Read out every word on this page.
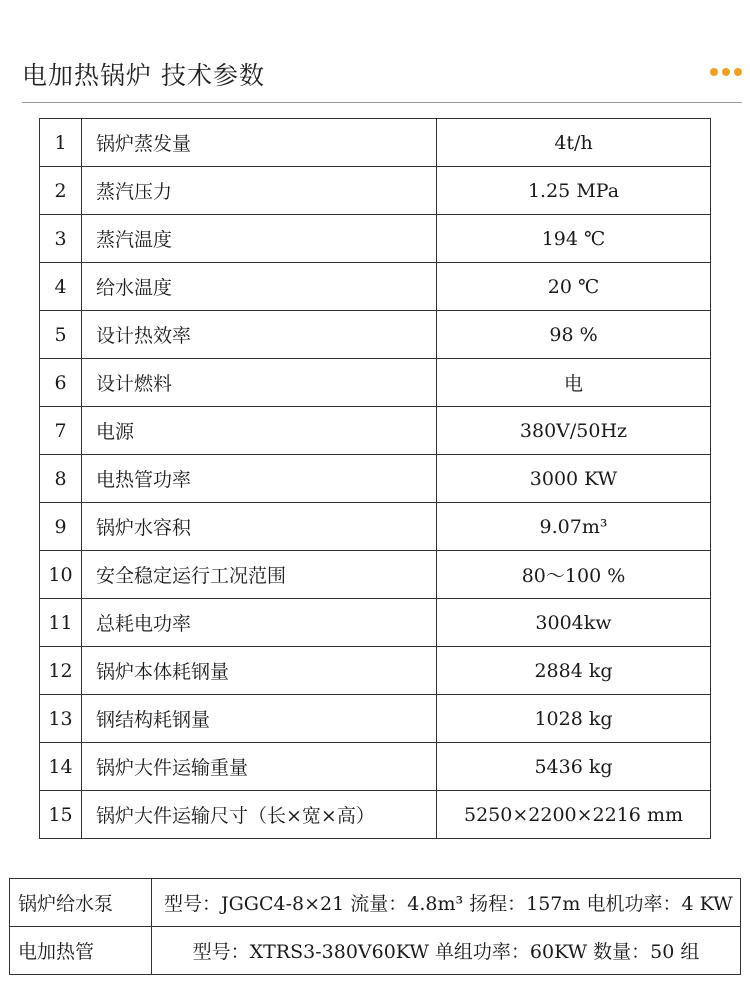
电加热锅炉 技术参数
1	锅炉蒸发量	4t/h
2	蒸汽压力	1.25 MPa
3	蒸汽温度	194 ℃
4	给水温度	20 ℃
5	设计热效率	98 %
6	设计燃料	电
7	电源	380V/50Hz
8	电热管功率	3000 KW
9	锅炉水容积	9.07m³
10	安全稳定运行工况范围	80～100 %
11	总耗电功率	3004kw
12	锅炉本体耗钢量	2884 kg
13	钢结构耗钢量	1028 kg
14	锅炉大件运输重量	5436 kg
15	锅炉大件运输尺寸（长×宽×高）	5250×2200×2216 mm
锅炉给水泵	型号：JGGC4-8×21 流量：4.8m³ 扬程：157m 电机功率：4 KW
电加热管	型号：XTRS3-380V60KW 单组功率：60KW 数量：50 组
